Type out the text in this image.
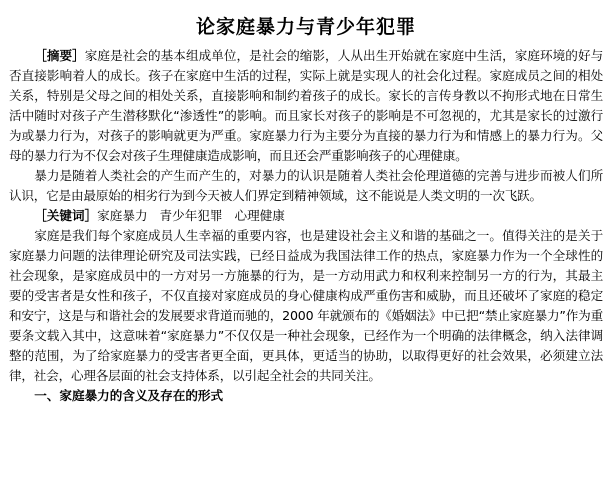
论家庭暴力与青少年犯罪

［摘要］家庭是社会的基本组成单位，是社会的缩影，人从出生开始就在家庭中生活，家庭环境的好与否直接影响着人的成长。孩子在家庭中生活的过程，实际上就是实现人的社会化过程。家庭成员之间的相处关系，特别是父母之间的相处关系，直接影响和制约着孩子的成长。家长的言传身教以不拘形式地在日常生活中随时对孩子产生潜移默化“渗透性”的影响。而且家长对孩子的影响是不可忽视的，尤其是家长的过激行为或暴力行为，对孩子的影响就更为严重。家庭暴力行为主要分为直接的暴力行为和情感上的暴力行为。父母的暴力行为不仅会对孩子生理健康造成影响，而且还会严重影响孩子的心理健康。

暴力是随着人类社会的产生而产生的，对暴力的认识是随着人类社会伦理道德的完善与进步而被人们所认识，它是由最原始的相劣行为到今天被人们界定到精神领域，这不能说是人类文明的一次飞跃。

［关键词］家庭暴力 青少年犯罪 心理健康

家庭是我们每个家庭成员人生幸福的重要内容，也是建设社会主义和谐的基础之一。值得关注的是关于家庭暴力问题的法律理论研究及司法实践，已经日益成为我国法律工作的热点，家庭暴力作为一个全球性的社会现象，是家庭成员中的一方对另一方施暴的行为，是一方动用武力和权利来控制另一方的行为，其最主要的受害者是女性和孩子，不仅直接对家庭成员的身心健康构成严重伤害和威胁，而且还破坏了家庭的稳定和安宁，这是与和谐社会的发展要求背道而驰的，2000 年就颁布的《婚姻法》中已把“禁止家庭暴力”作为重要条文载入其中，这意味着“家庭暴力”不仅仅是一种社会现象，已经作为一个明确的法律概念，纳入法律调整的范围，为了给家庭暴力的受害者更全面，更具体，更适当的协助，以取得更好的社会效果，必须建立法律，社会，心理各层面的社会支持体系，以引起全社会的共同关注。

一、家庭暴力的含义及存在的形式
